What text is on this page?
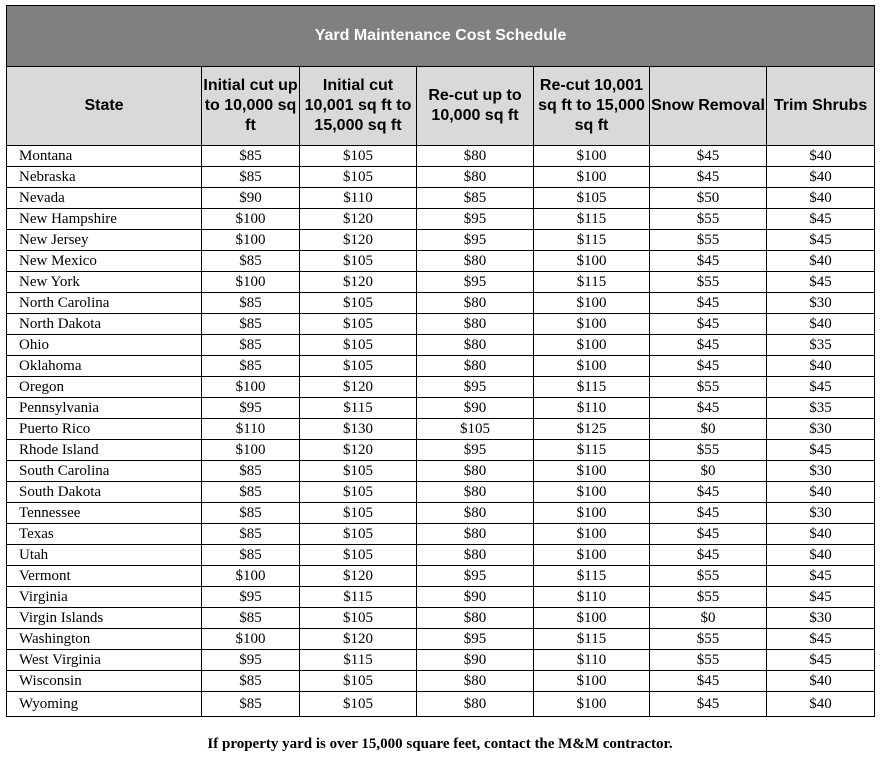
Yard Maintenance Cost Schedule						
State	Initial cut up to 10,000 sq ft	Initial cut 10,001 sq ft to 15,000 sq ft	Re-cut up to 10,000 sq ft	Re-cut 10,001 sq ft to 15,000 sq ft	Snow Removal	Trim Shrubs

Montana	$85	$105	$80	$100	$45	$40
Nebraska	$85	$105	$80	$100	$45	$40
Nevada	$90	$110	$85	$105	$50	$40
New Hampshire	$100	$120	$95	$115	$55	$45
New Jersey	$100	$120	$95	$115	$55	$45
New Mexico	$85	$105	$80	$100	$45	$40
New York	$100	$120	$95	$115	$55	$45
North Carolina	$85	$105	$80	$100	$45	$30
North Dakota	$85	$105	$80	$100	$45	$40
Ohio	$85	$105	$80	$100	$45	$35
Oklahoma	$85	$105	$80	$100	$45	$40
Oregon	$100	$120	$95	$115	$55	$45
Pennsylvania	$95	$115	$90	$110	$45	$35
Puerto Rico	$110	$130	$105	$125	$0	$30
Rhode Island	$100	$120	$95	$115	$55	$45
South Carolina	$85	$105	$80	$100	$0	$30
South Dakota	$85	$105	$80	$100	$45	$40
Tennessee	$85	$105	$80	$100	$45	$30
Texas	$85	$105	$80	$100	$45	$40
Utah	$85	$105	$80	$100	$45	$40
Vermont	$100	$120	$95	$115	$55	$45
Virginia	$95	$115	$90	$110	$55	$45
Virgin Islands	$85	$105	$80	$100	$0	$30
Washington	$100	$120	$95	$115	$55	$45
West Virginia	$95	$115	$90	$110	$55	$45
Wisconsin	$85	$105	$80	$100	$45	$40
Wyoming	$85	$105	$80	$100	$45	$40
If property yard is over 15,000 square feet, contact the M&M contractor.
